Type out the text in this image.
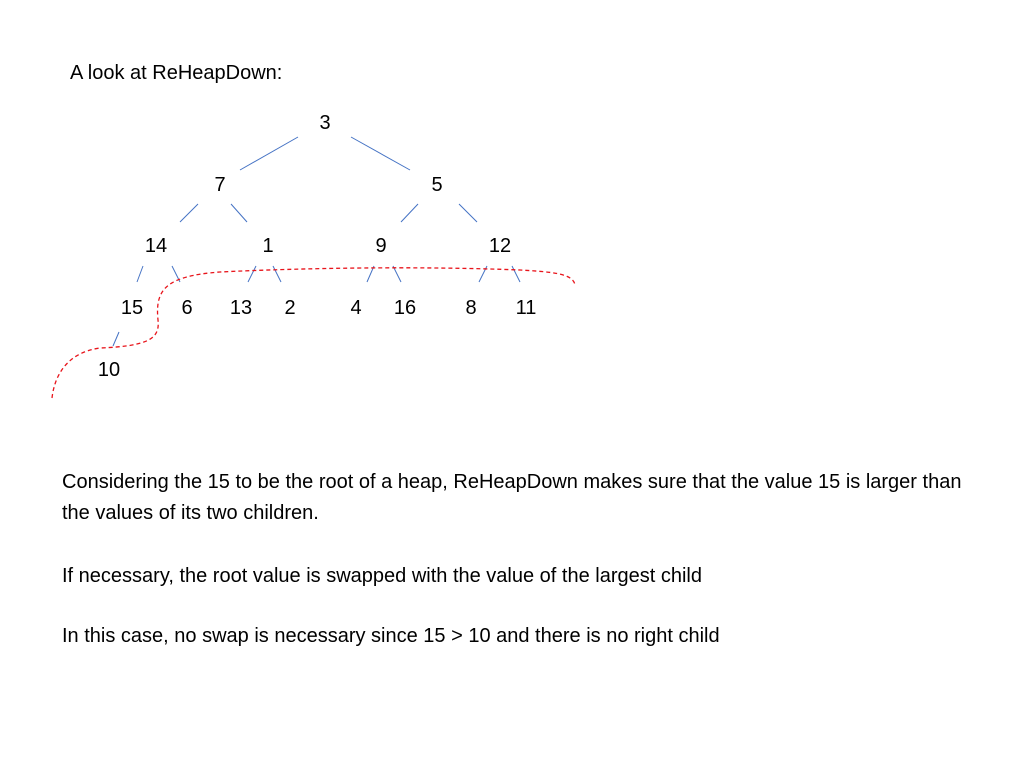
A look at ReHeapDown:
3
7	5
14	1	9	12
15	6	13	2	4	16	8	11
10
Considering the 15 to be the root of a heap, ReHeapDown makes sure that the value 15 is larger than the values of its two children.
If necessary, the root value is swapped with the value of the largest child
In this case, no swap is necessary since 15 > 10 and there is no right child
